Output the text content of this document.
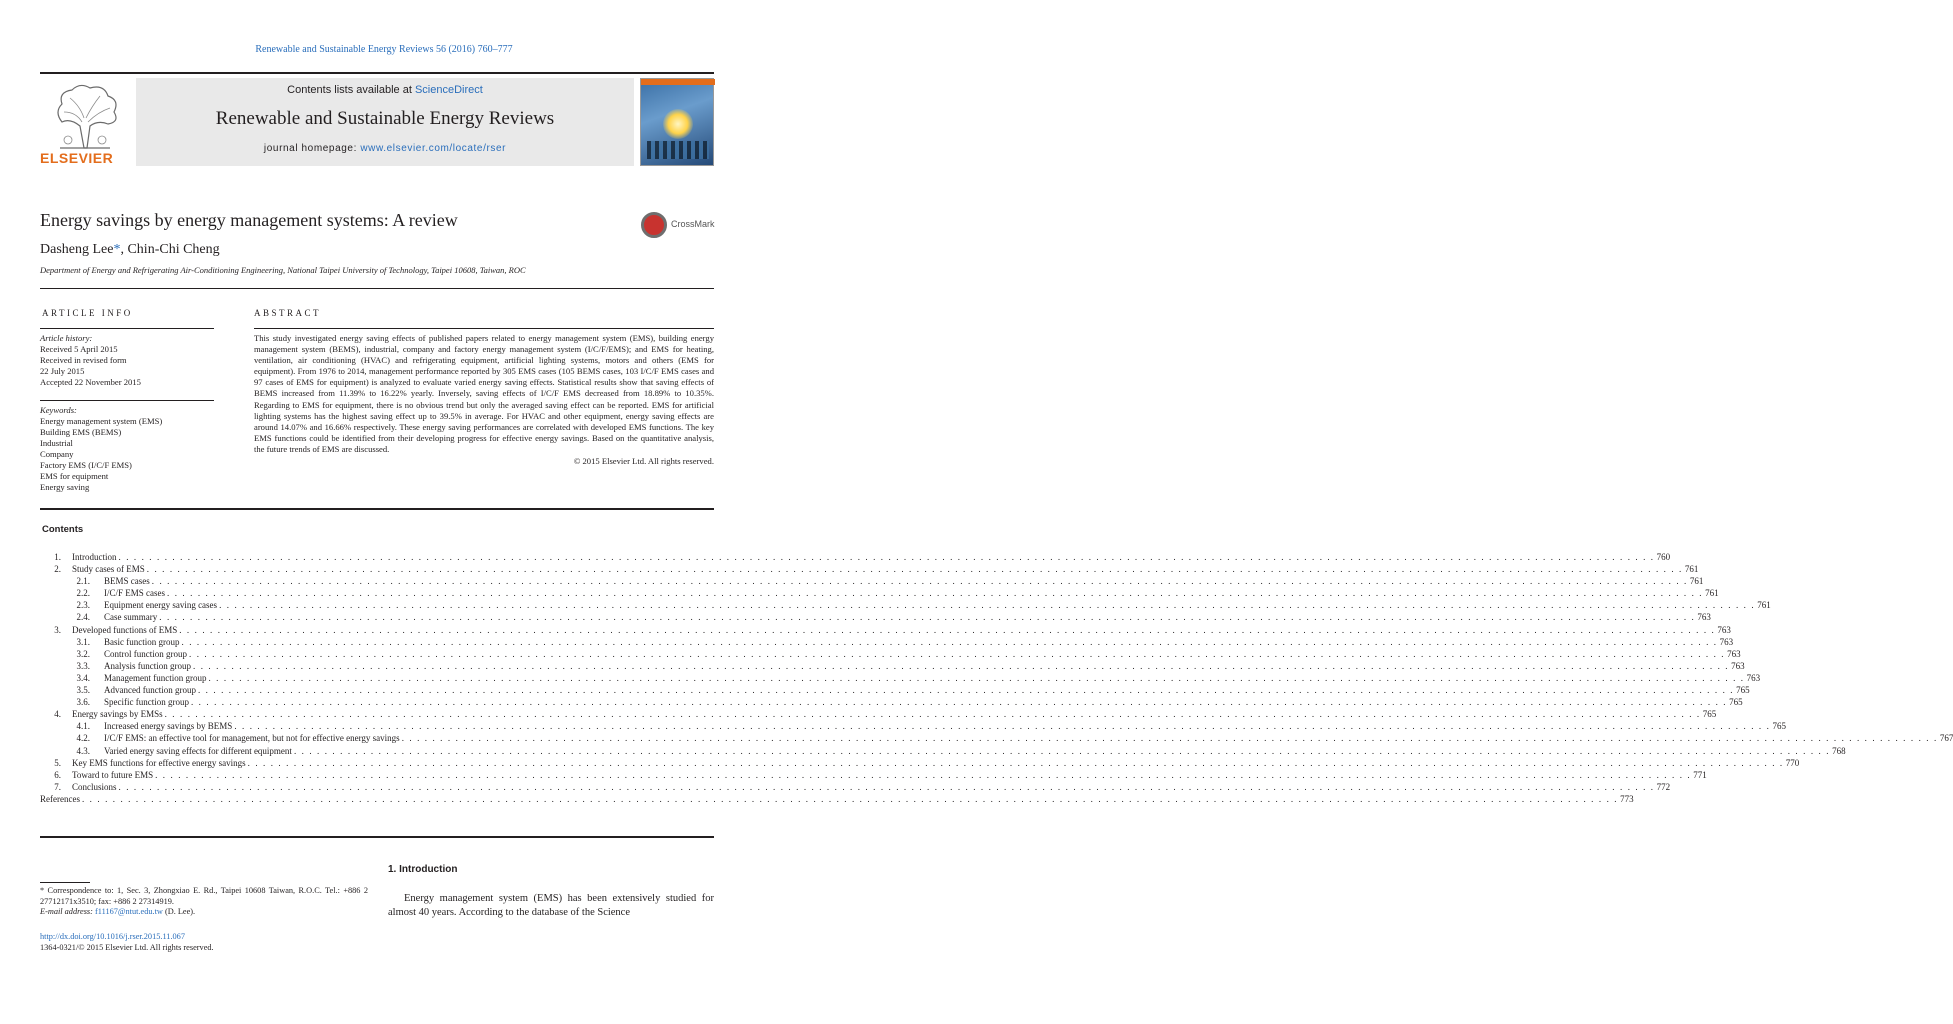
Renewable and Sustainable Energy Reviews 56 (2016) 760–777
ELSEVIER
Contents lists available at ScienceDirect
Renewable and Sustainable Energy Reviews
journal homepage: www.elsevier.com/locate/rser
Energy savings by energy management systems: A review	CrossMark
Dasheng Lee*, Chin-Chi Cheng
Department of Energy and Refrigerating Air-Conditioning Engineering, National Taipei University of Technology, Taipei 10608, Taiwan, ROC
ARTICLE INFO	ABSTRACT
Article history:
Received 5 April 2015
Received in revised form
22 July 2015
Accepted 22 November 2015
Keywords:
Energy management system (EMS)
Building EMS (BEMS)
Industrial
Company
Factory EMS (I/C/F EMS)
EMS for equipment
Energy saving
This study investigated energy saving effects of published papers related to energy management system (EMS), building energy management system (BEMS), industrial, company and factory energy management system (I/C/F/EMS); and EMS for heating, ventilation, air conditioning (HVAC) and refrigerating equipment, artificial lighting systems, motors and others (EMS for equipment). From 1976 to 2014, management performance reported by 305 EMS cases (105 BEMS cases, 103 I/C/F EMS cases and 97 cases of EMS for equipment) is analyzed to evaluate varied energy saving effects. Statistical results show that saving effects of BEMS increased from 11.39% to 16.22% yearly. Inversely, saving effects of I/C/F EMS decreased from 18.89% to 10.35%. Regarding to EMS for equipment, there is no obvious trend but only the averaged saving effect can be reported. EMS for artificial lighting systems has the highest saving effect up to 39.5% in average. For HVAC and other equipment, energy saving effects are around 14.07% and 16.66% respectively. These energy saving performances are correlated with developed EMS functions. The key EMS functions could be identified from their developing progress for effective energy savings. Based on the quantitative analysis, the future trends of EMS are discussed.
© 2015 Elsevier Ltd. All rights reserved.
Contents
1. Introduction . . . . . . . . . . . . . . . . . . . . . . . . . . . . . . . . . . . . . . . . . . . . . . . . . . . . . . . . . . . . . . . . . . . . . . . . . . . . . . . . . . . . . . . . . . . . . . . . . . . . . . . . . . . . . . . . . . . . . . . . . . . . . . . . . . . . . . . . . . . . . . . . . . . . . . . . . . . . . . . . . . . . . . . . . . . . . . . . . . . . . . . . . . . . . . . . . . . . . . . . 760
2. Study cases of EMS . . . . . . . . . . . . . . . . . . . . . . . . . . . . . . . . . . . . . . . . . . . . . . . . . . . . . . . . . . . . . . . . . . . . . . . . . . . . . . . . . . . . . . . . . . . . . . . . . . . . . . . . . . . . . . . . . . . . . . . . . . . . . . . . . . . . . . . . . . . . . . . . . . . . . . . . . . . . . . . . . . . . . . . . . . . . . . . . . . . . . . . . . . . . . . . . . . . . . . . . 761
2.1. BEMS cases . . . . . . . . . . . . . . . . . . . . . . . . . . . . . . . . . . . . . . . . . . . . . . . . . . . . . . . . . . . . . . . . . . . . . . . . . . . . . . . . . . . . . . . . . . . . . . . . . . . . . . . . . . . . . . . . . . . . . . . . . . . . . . . . . . . . . . . . . . . . . . . . . . . . . . . . . . . . . . . . . . . . . . . . . . . . . . . . . . . . . . . . . . . . . . . . . . . . . . . . 761
2.2. I/C/F EMS cases . . . . . . . . . . . . . . . . . . . . . . . . . . . . . . . . . . . . . . . . . . . . . . . . . . . . . . . . . . . . . . . . . . . . . . . . . . . . . . . . . . . . . . . . . . . . . . . . . . . . . . . . . . . . . . . . . . . . . . . . . . . . . . . . . . . . . . . . . . . . . . . . . . . . . . . . . . . . . . . . . . . . . . . . . . . . . . . . . . . . . . . . . . . . . . . . . . . . . . . . 761
2.3. Equipment energy saving cases . . . . . . . . . . . . . . . . . . . . . . . . . . . . . . . . . . . . . . . . . . . . . . . . . . . . . . . . . . . . . . . . . . . . . . . . . . . . . . . . . . . . . . . . . . . . . . . . . . . . . . . . . . . . . . . . . . . . . . . . . . . . . . . . . . . . . . . . . . . . . . . . . . . . . . . . . . . . . . . . . . . . . . . . . . . . . . . . . . . . . . . . . . . . . . . . . . . . . . . . 761
2.4. Case summary . . . . . . . . . . . . . . . . . . . . . . . . . . . . . . . . . . . . . . . . . . . . . . . . . . . . . . . . . . . . . . . . . . . . . . . . . . . . . . . . . . . . . . . . . . . . . . . . . . . . . . . . . . . . . . . . . . . . . . . . . . . . . . . . . . . . . . . . . . . . . . . . . . . . . . . . . . . . . . . . . . . . . . . . . . . . . . . . . . . . . . . . . . . . . . . . . . . . . . . . 763
3. Developed functions of EMS . . . . . . . . . . . . . . . . . . . . . . . . . . . . . . . . . . . . . . . . . . . . . . . . . . . . . . . . . . . . . . . . . . . . . . . . . . . . . . . . . . . . . . . . . . . . . . . . . . . . . . . . . . . . . . . . . . . . . . . . . . . . . . . . . . . . . . . . . . . . . . . . . . . . . . . . . . . . . . . . . . . . . . . . . . . . . . . . . . . . . . . . . . . . . . . . . . . . . . . . 763
3.1. Basic function group . . . . . . . . . . . . . . . . . . . . . . . . . . . . . . . . . . . . . . . . . . . . . . . . . . . . . . . . . . . . . . . . . . . . . . . . . . . . . . . . . . . . . . . . . . . . . . . . . . . . . . . . . . . . . . . . . . . . . . . . . . . . . . . . . . . . . . . . . . . . . . . . . . . . . . . . . . . . . . . . . . . . . . . . . . . . . . . . . . . . . . . . . . . . . . . . . . . . . . . . 763
3.2. Control function group . . . . . . . . . . . . . . . . . . . . . . . . . . . . . . . . . . . . . . . . . . . . . . . . . . . . . . . . . . . . . . . . . . . . . . . . . . . . . . . . . . . . . . . . . . . . . . . . . . . . . . . . . . . . . . . . . . . . . . . . . . . . . . . . . . . . . . . . . . . . . . . . . . . . . . . . . . . . . . . . . . . . . . . . . . . . . . . . . . . . . . . . . . . . . . . . . . . . . . . . 763
3.3. Analysis function group . . . . . . . . . . . . . . . . . . . . . . . . . . . . . . . . . . . . . . . . . . . . . . . . . . . . . . . . . . . . . . . . . . . . . . . . . . . . . . . . . . . . . . . . . . . . . . . . . . . . . . . . . . . . . . . . . . . . . . . . . . . . . . . . . . . . . . . . . . . . . . . . . . . . . . . . . . . . . . . . . . . . . . . . . . . . . . . . . . . . . . . . . . . . . . . . . . . . . . . . 763
3.4. Management function group . . . . . . . . . . . . . . . . . . . . . . . . . . . . . . . . . . . . . . . . . . . . . . . . . . . . . . . . . . . . . . . . . . . . . . . . . . . . . . . . . . . . . . . . . . . . . . . . . . . . . . . . . . . . . . . . . . . . . . . . . . . . . . . . . . . . . . . . . . . . . . . . . . . . . . . . . . . . . . . . . . . . . . . . . . . . . . . . . . . . . . . . . . . . . . . . . . . . . . . . 763
3.5. Advanced function group . . . . . . . . . . . . . . . . . . . . . . . . . . . . . . . . . . . . . . . . . . . . . . . . . . . . . . . . . . . . . . . . . . . . . . . . . . . . . . . . . . . . . . . . . . . . . . . . . . . . . . . . . . . . . . . . . . . . . . . . . . . . . . . . . . . . . . . . . . . . . . . . . . . . . . . . . . . . . . . . . . . . . . . . . . . . . . . . . . . . . . . . . . . . . . . . . . . . . . . . 765
3.6. Specific function group . . . . . . . . . . . . . . . . . . . . . . . . . . . . . . . . . . . . . . . . . . . . . . . . . . . . . . . . . . . . . . . . . . . . . . . . . . . . . . . . . . . . . . . . . . . . . . . . . . . . . . . . . . . . . . . . . . . . . . . . . . . . . . . . . . . . . . . . . . . . . . . . . . . . . . . . . . . . . . . . . . . . . . . . . . . . . . . . . . . . . . . . . . . . . . . . . . . . . . . . 765
4. Energy savings by EMSs . . . . . . . . . . . . . . . . . . . . . . . . . . . . . . . . . . . . . . . . . . . . . . . . . . . . . . . . . . . . . . . . . . . . . . . . . . . . . . . . . . . . . . . . . . . . . . . . . . . . . . . . . . . . . . . . . . . . . . . . . . . . . . . . . . . . . . . . . . . . . . . . . . . . . . . . . . . . . . . . . . . . . . . . . . . . . . . . . . . . . . . . . . . . . . . . . . . . . . . . 765
4.1. Increased energy savings by BEMS . . . . . . . . . . . . . . . . . . . . . . . . . . . . . . . . . . . . . . . . . . . . . . . . . . . . . . . . . . . . . . . . . . . . . . . . . . . . . . . . . . . . . . . . . . . . . . . . . . . . . . . . . . . . . . . . . . . . . . . . . . . . . . . . . . . . . . . . . . . . . . . . . . . . . . . . . . . . . . . . . . . . . . . . . . . . . . . . . . . . . . . . . . . . . . . . . . . . . . . . 765
4.2. I/C/F EMS: an effective tool for management, but not for effective energy savings . . . . . . . . . . . . . . . . . . . . . . . . . . . . . . . . . . . . . . . . . . . . . . . . . . . . . . . . . . . . . . . . . . . . . . . . . . . . . . . . . . . . . . . . . . . . . . . . . . . . . . . . . . . . . . . . . . . . . . . . . . . . . . . . . . . . . . . . . . . . . . . . . . . . . . . . . . . . . . . . . . . . . . . . . . . . . . . . . . . . . . . . . . . . . . . . . . . . . . . . 767
4.3. Varied energy saving effects for different equipment . . . . . . . . . . . . . . . . . . . . . . . . . . . . . . . . . . . . . . . . . . . . . . . . . . . . . . . . . . . . . . . . . . . . . . . . . . . . . . . . . . . . . . . . . . . . . . . . . . . . . . . . . . . . . . . . . . . . . . . . . . . . . . . . . . . . . . . . . . . . . . . . . . . . . . . . . . . . . . . . . . . . . . . . . . . . . . . . . . . . . . . . . . . . . . . . . . . . . . . . 768
5. Key EMS functions for effective energy savings . . . . . . . . . . . . . . . . . . . . . . . . . . . . . . . . . . . . . . . . . . . . . . . . . . . . . . . . . . . . . . . . . . . . . . . . . . . . . . . . . . . . . . . . . . . . . . . . . . . . . . . . . . . . . . . . . . . . . . . . . . . . . . . . . . . . . . . . . . . . . . . . . . . . . . . . . . . . . . . . . . . . . . . . . . . . . . . . . . . . . . . . . . . . . . . . . . . . . . . . 770
6. Toward to future EMS . . . . . . . . . . . . . . . . . . . . . . . . . . . . . . . . . . . . . . . . . . . . . . . . . . . . . . . . . . . . . . . . . . . . . . . . . . . . . . . . . . . . . . . . . . . . . . . . . . . . . . . . . . . . . . . . . . . . . . . . . . . . . . . . . . . . . . . . . . . . . . . . . . . . . . . . . . . . . . . . . . . . . . . . . . . . . . . . . . . . . . . . . . . . . . . . . . . . . . . . 771
7. Conclusions . . . . . . . . . . . . . . . . . . . . . . . . . . . . . . . . . . . . . . . . . . . . . . . . . . . . . . . . . . . . . . . . . . . . . . . . . . . . . . . . . . . . . . . . . . . . . . . . . . . . . . . . . . . . . . . . . . . . . . . . . . . . . . . . . . . . . . . . . . . . . . . . . . . . . . . . . . . . . . . . . . . . . . . . . . . . . . . . . . . . . . . . . . . . . . . . . . . . . . . . 772
References . . . . . . . . . . . . . . . . . . . . . . . . . . . . . . . . . . . . . . . . . . . . . . . . . . . . . . . . . . . . . . . . . . . . . . . . . . . . . . . . . . . . . . . . . . . . . . . . . . . . . . . . . . . . . . . . . . . . . . . . . . . . . . . . . . . . . . . . . . . . . . . . . . . . . . . . . . . . . . . . . . . . . . . . . . . . . . . . . . . . . . . . . . . . . . . . . . . . . . . . 773
* Correspondence to: 1, Sec. 3, Zhongxiao E. Rd., Taipei 10608 Taiwan, R.O.C. Tel.: +886 2 27712171x3510; fax: +886 2 27314919.
E-mail address: f11167@ntut.edu.tw (D. Lee).
http://dx.doi.org/10.1016/j.rser.2015.11.067
1364-0321/© 2015 Elsevier Ltd. All rights reserved.
1. Introduction
Energy management system (EMS) has been extensively studied for almost 40 years. According to the database of the Science
